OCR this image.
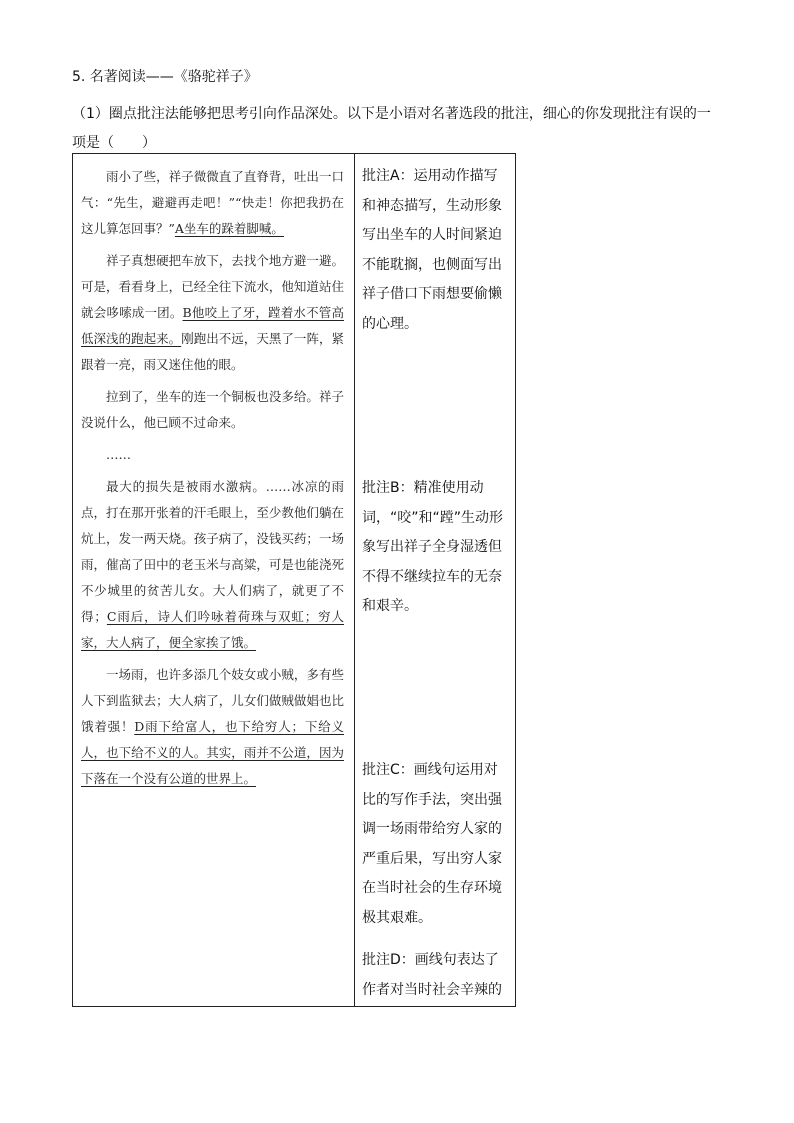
5. 名著阅读——《骆驼祥子》
（1）圈点批注法能够把思考引向作品深处。以下是小语对名著选段的批注，细心的你发现批注有误的一项是（　　）

雨小了些，祥子微微直了直脊背，吐出一口气：“先生，避避再走吧！”“快走！你把我扔在这儿算怎回事？”A坐车的跺着脚喊。

祥子真想硬把车放下，去找个地方避一避。可是，看看身上，已经全往下流水，他知道站住就会哆嗦成一团。B他咬上了牙，蹚着水不管高低深浅的跑起来。刚跑出不远，天黑了一阵，紧跟着一亮，雨又迷住他的眼。

拉到了，坐车的连一个铜板也没多给。祥子没说什么，他已顾不过命来。

……

最大的损失是被雨水激病。……冰凉的雨点，打在那开张着的汗毛眼上，至少教他们躺在炕上，发一两天烧。孩子病了，没钱买药；一场雨，催高了田中的老玉米与高粱，可是也能浇死不少城里的贫苦儿女。大人们病了，就更了不得；C雨后，诗人们吟咏着荷珠与双虹；穷人家，大人病了，便全家挨了饿。

一场雨，也许多添几个妓女或小贼，多有些人下到监狱去；大人病了，儿女们做贼做娼也比饿着强！D雨下给富人，也下给穷人；下给义人，也下给不义的人。其实，雨并不公道，因为下落在一个没有公道的世界上。

批注A：运用动作描写和神态描写，生动形象写出坐车的人时间紧迫不能耽搁，也侧面写出祥子借口下雨想要偷懒的心理。
批注B：精准使用动词，“咬”和“蹚”生动形象写出祥子全身湿透但不得不继续拉车的无奈和艰辛。
批注C：画线句运用对比的写作手法，突出强调一场雨带给穷人家的严重后果，写出穷人家在当时社会的生存环境极其艰难。
批注D：画线句表达了作者对当时社会辛辣的
